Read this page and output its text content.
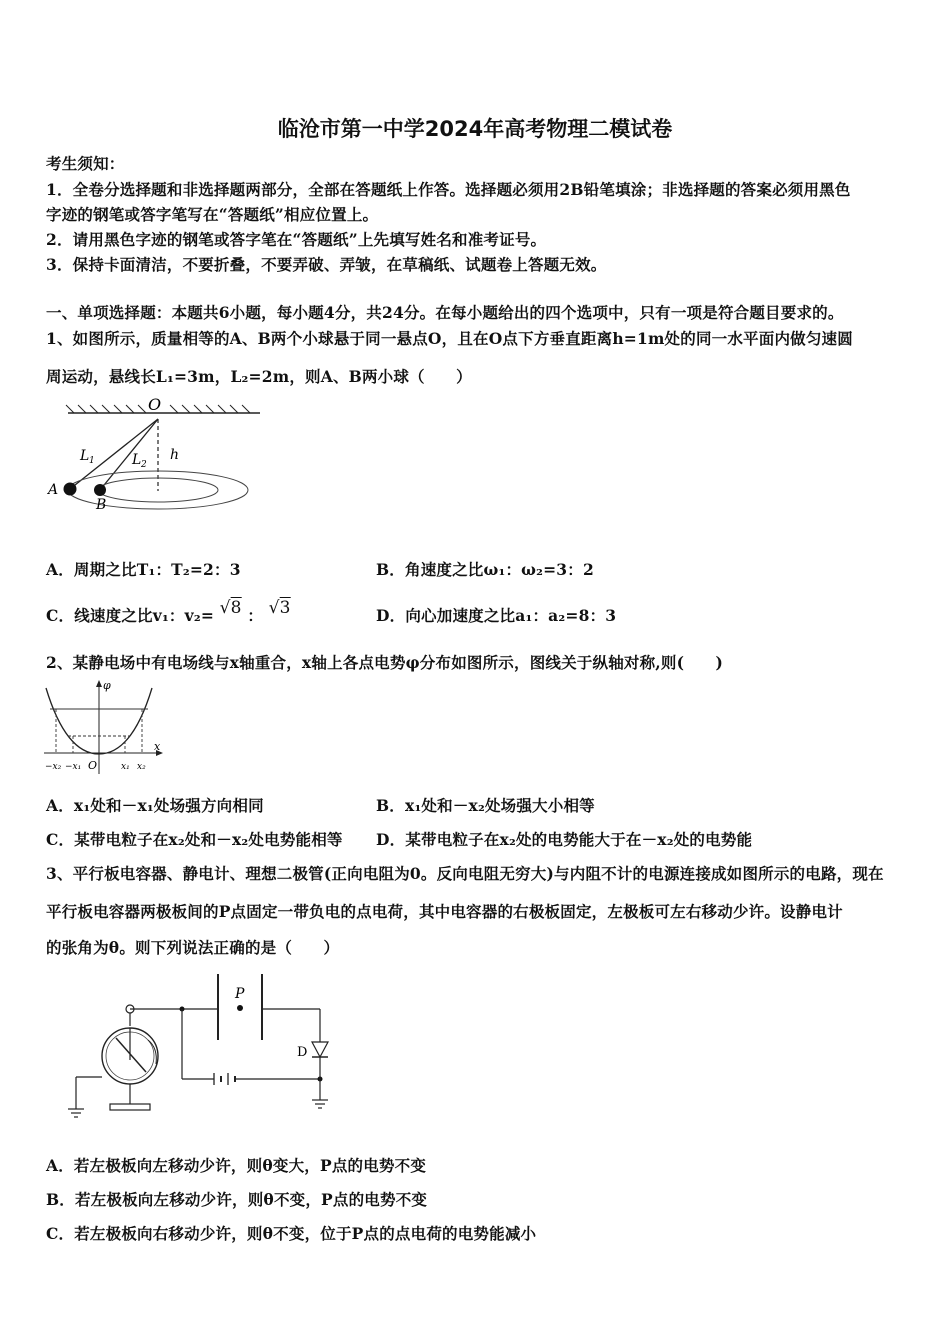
临沧市第一中学2024年高考物理二模试卷
考生须知：
1．全卷分选择题和非选择题两部分，全部在答题纸上作答。选择题必须用2B铅笔填涂；非选择题的答案必须用黑色
字迹的钢笔或答字笔写在“答题纸”相应位置上。
2．请用黑色字迹的钢笔或答字笔在“答题纸”上先填写姓名和准考证号。
3．保持卡面清洁，不要折叠，不要弄破、弄皱，在草稿纸、试题卷上答题无效。
一、单项选择题：本题共6小题，每小题4分，共24分。在每小题给出的四个选项中，只有一项是符合题目要求的。
1、如图所示，质量相等的A、B两个小球悬于同一悬点O，且在O点下方垂直距离h=1m处的同一水平面内做匀速圆
周运动，悬线长L₁=3m，L₂=2m，则A、B两小球（　　）
O
L 1	L 2
h
A
B
A．周期之比T₁：T₂=2：3	B．角速度之比ω₁：ω₂=3：2
C．线速度之比v₁：v₂= √8 ： √3	D．向心加速度之比a₁：a₂=8：3
2、某静电场中有电场线与x轴重合，x轴上各点电势φ分布如图所示，图线关于纵轴对称,则(　　)
φ
x
O
−x₂ −x₁	x₁ x₂
A．x₁处和－x₁处场强方向相同	B．x₁处和－x₂处场强大小相等
C．某带电粒子在x₂处和－x₂处电势能相等 D．某带电粒子在x₂处的电势能大于在－x₂处的电势能
3、平行板电容器、静电计、理想二极管(正向电阻为0。反向电阻无穷大)与内阻不计的电源连接成如图所示的电路，现在
平行板电容器两极板间的P点固定一带负电的点电荷，其中电容器的右极板固定，左极板可左右移动少许。设静电计
的张角为θ。则下列说法正确的是（　　）
P
D
A．若左极板向左移动少许，则θ变大，P点的电势不变
B．若左极板向左移动少许，则θ不变，P点的电势不变
C．若左极板向右移动少许，则θ不变，位于P点的点电荷的电势能减小
